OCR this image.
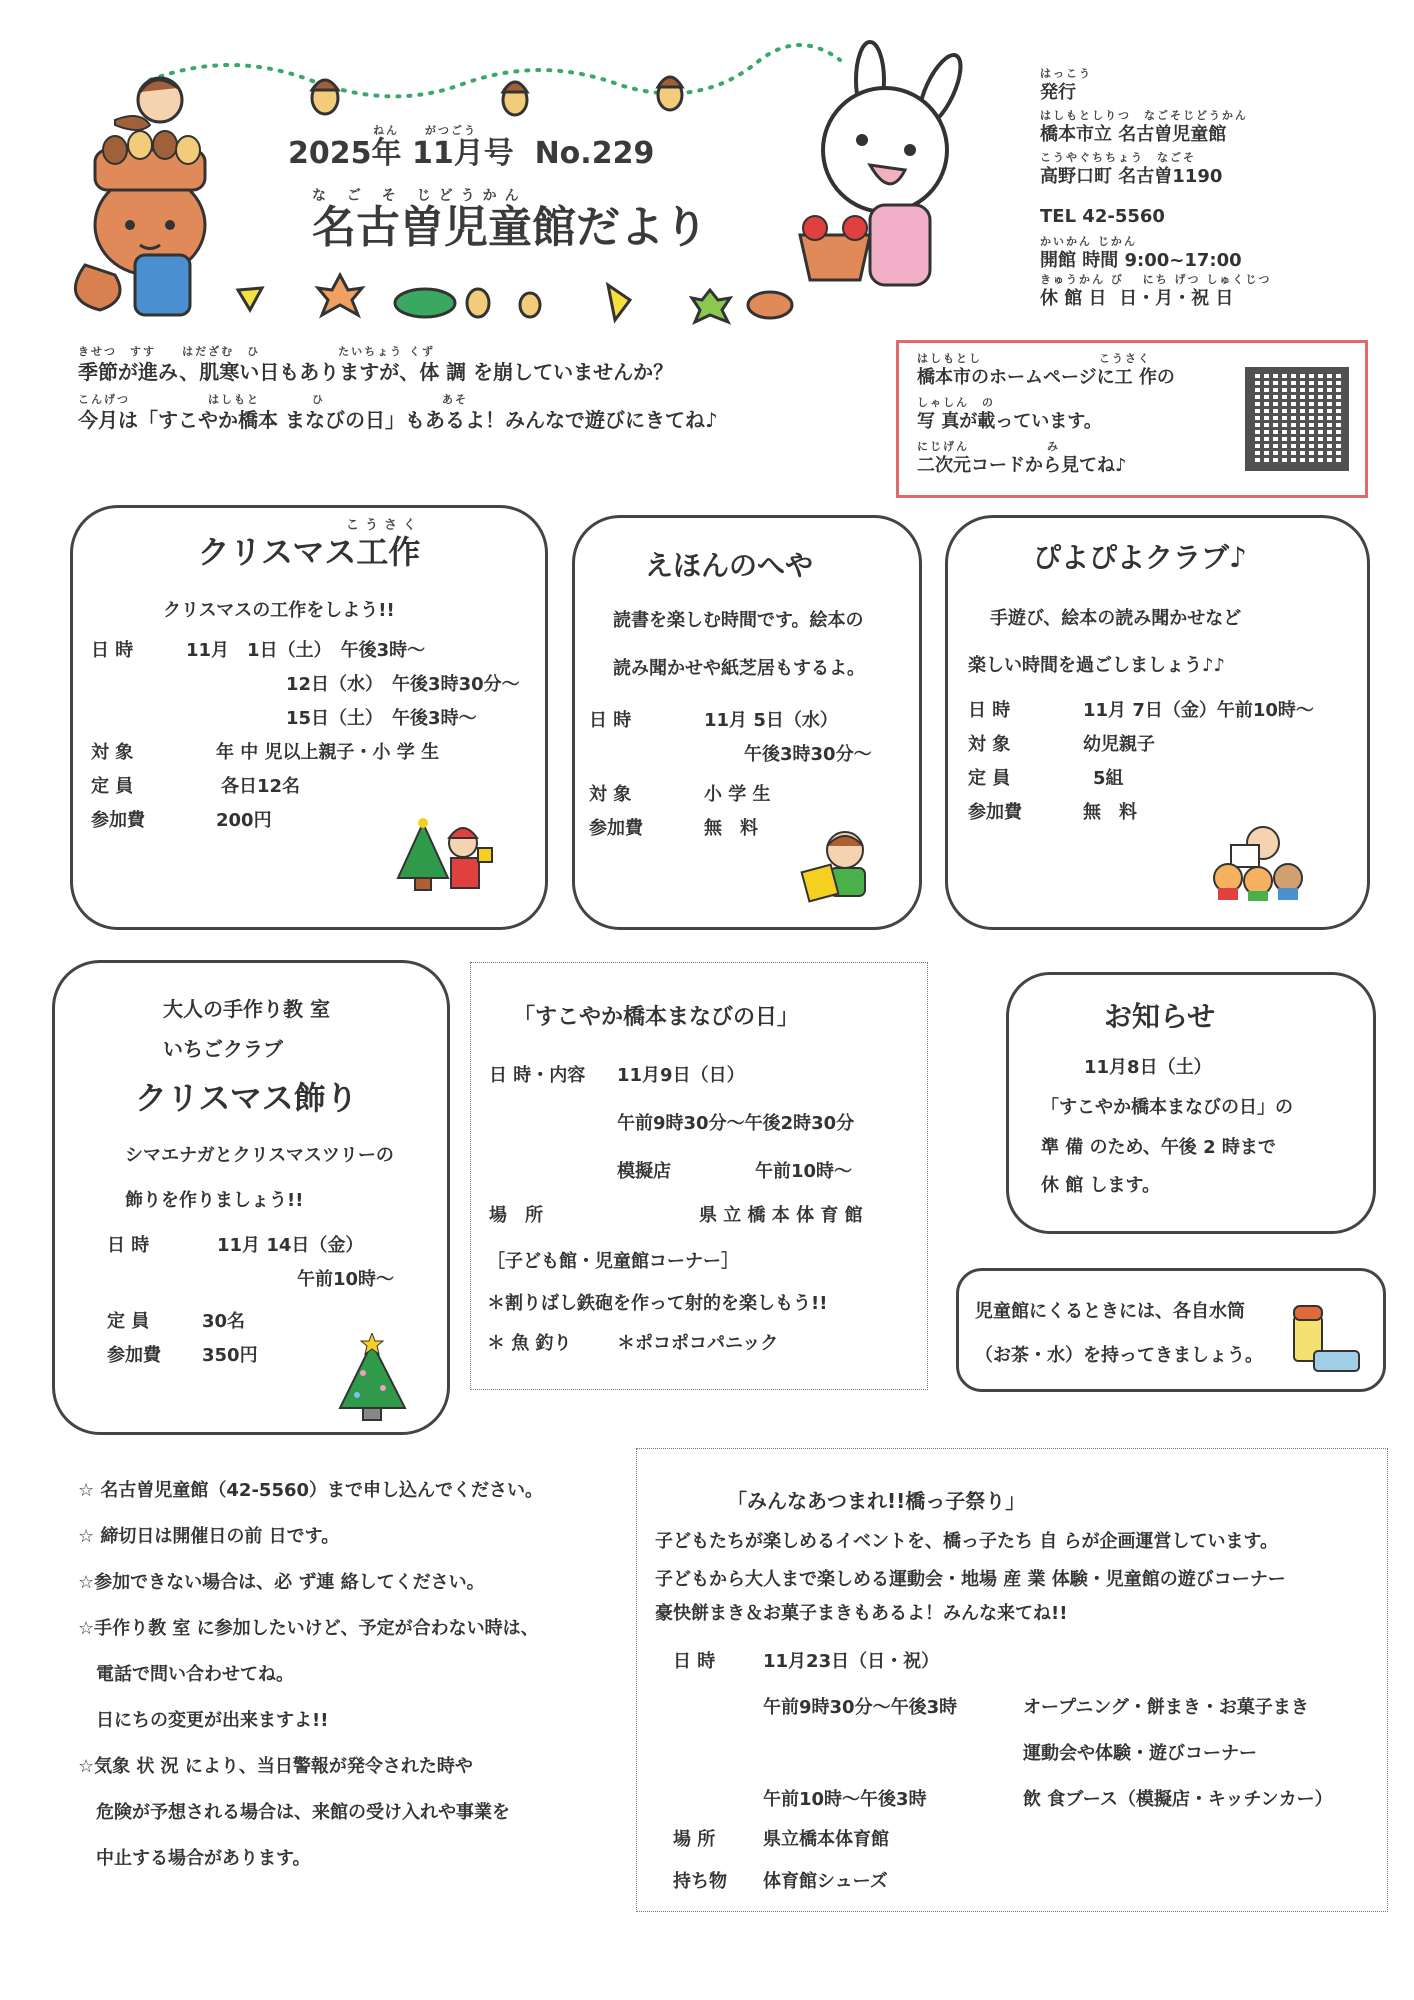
ねん　　がつごう
2025年 11月号  No.229
な ご そ じどうかん
名古曽児童館だより
はっこう
発行
はしもとしりつ　なごそじどうかん
橋本市立 名古曽児童館
こうやぐちちょう　なごそ
高野口町 名古曽1190
TEL 42-5560
かいかん じかん
開館 時間 9:00~17:00
きゅうかん び　 にち げつ しゅくじつ
休 館 日  日・月・祝 日
きせつ　すす　　はだざむ　ひ　　　　　　たいちょう くず
季節が進み、肌寒い日もありますが、体 調 を崩していませんか？
こんげつ　　　　　　はしもと　　　　ひ　　　　　　　　　あそ
今月は「すこやか橋本 まなびの日」もあるよ！みんなで遊びにきてね♪
はしもとし　　　　　　　　　こうさく
橋本市のホームページに工 作の
しゃしん　の
写 真が載っています。
にじげん　　　　　　み
二次元コードから見てね♪
こうさく
クリスマス工作
クリスマスの工作をしよう!!
日 時	11月　1日（土）　午後3時～
12日（水）　午後3時30分～
15日（土）　午後3時～
対 象	年 中 児以上親子・小 学 生
定 員	各日12名
参加費	200円
えほんのへや
読書を楽しむ時間です。絵本の
読み聞かせや紙芝居もするよ。
日 時	11月 5日（水）
午後3時30分～
対 象	小 学 生
参加費	無　料
ぴよぴよクラブ♪
手遊び、絵本の読み聞かせなど
楽しい時間を過ごしましょう♪♪
日 時	11月 7日（金）午前10時～
対 象	幼児親子
定 員	5組
参加費	無　料
大人の手作り教 室
いちごクラブ
クリスマス飾り
シマエナガとクリスマスツリーの
飾りを作りましょう!!
日 時	11月 14日（金）
午前10時～
定 員	30名
参加費	350円
「すこやか橋本まなびの日」
日 時・内容 11月9日（日）
午前9時30分～午後2時30分
模擬店	午前10時～
場　所	県 立 橋 本 体 育 館
［子ども館・児童館コーナー］
＊割りばし鉄砲を作って射的を楽しもう!!
＊ 魚 釣り	＊ポコポコパニック
お知らせ
11月8日（土）
「すこやか橋本まなびの日」の
準 備 のため、午後 2 時まで
休 館 します。
児童館にくるときには、各自水筒
（お茶・水）を持ってきましょう。
☆ 名古曽児童館（42-5560）まで申し込んでください。
☆ 締切日は開催日の前 日です。
☆参加できない場合は、必 ず連 絡してください。
☆手作り教 室 に参加したいけど、予定が合わない時は、
　電話で問い合わせてね。
　日にちの変更が出来ますよ!!
☆気象 状 況 により、当日警報が発令された時や
　危険が予想される場合は、来館の受け入れや事業を
　中止する場合があります。
「みんなあつまれ!!橋っ子祭り」
子どもたちが楽しめるイベントを、橋っ子たち 自 らが企画運営しています。
子どもから大人まで楽しめる運動会・地場 産 業 体験・児童館の遊びコーナー
豪快餅まき＆お菓子まきもあるよ！みんな来てね!!
日 時	11月23日（日・祝）
午前9時30分～午後3時	オープニング・餅まき・お菓子まき
運動会や体験・遊びコーナー
午前10時～午後3時	飲 食ブース（模擬店・キッチンカー）
場 所	県立橋本体育館
持ち物 体育館シューズ
